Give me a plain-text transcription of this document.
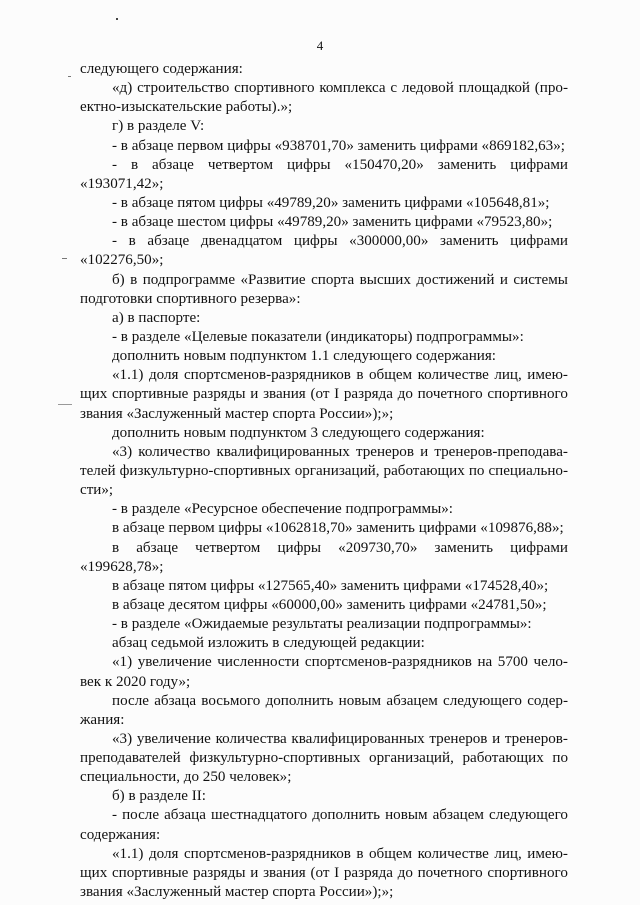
4
следующего содержания:
«д) строительство спортивного комплекса с ледовой площадкой (про-
ектно-изыскательские работы).»;
г) в разделе V:
- в абзаце первом цифры «938701,70» заменить цифрами «869182,63»;
- в абзаце четвертом цифры «150470,20» заменить цифрами
«193071,42»;
- в абзаце пятом цифры «49789,20» заменить цифрами «105648,81»;
- в абзаце шестом цифры «49789,20» заменить цифрами «79523,80»;
- в абзаце двенадцатом цифры «300000,00» заменить цифрами
«102276,50»;
б) в подпрограмме «Развитие спорта высших достижений и системы
подготовки спортивного резерва»:
а) в паспорте:
- в разделе «Целевые показатели (индикаторы) подпрограммы»:
дополнить новым подпунктом 1.1 следующего содержания:
«1.1) доля спортсменов-разрядников в общем количестве лиц, имею-
щих спортивные разряды и звания (от I разряда до почетного спортивного
звания «Заслуженный мастер спорта России»);»;
дополнить новым подпунктом 3 следующего содержания:
«3) количество квалифицированных тренеров и тренеров-преподава-
телей физкультурно-спортивных организаций, работающих по специально-
сти»;
- в разделе «Ресурсное обеспечение подпрограммы»:
в абзаце первом цифры «1062818,70» заменить цифрами «109876,88»;
в абзаце четвертом цифры «209730,70» заменить цифрами
«199628,78»;
в абзаце пятом цифры «127565,40» заменить цифрами «174528,40»;
в абзаце десятом цифры «60000,00» заменить цифрами «24781,50»;
- в разделе «Ожидаемые результаты реализации подпрограммы»:
абзац седьмой изложить в следующей редакции:
«1) увеличение численности спортсменов-разрядников на 5700 чело-
век к 2020 году»;
после абзаца восьмого дополнить новым абзацем следующего содер-
жания:
«3) увеличение количества квалифицированных тренеров и тренеров-
преподавателей физкультурно-спортивных организаций, работающих по
специальности, до 250 человек»;
б) в разделе II:
- после абзаца шестнадцатого дополнить новым абзацем следующего
содержания:
«1.1) доля спортсменов-разрядников в общем количестве лиц, имею-
щих спортивные разряды и звания (от I разряда до почетного спортивного
звания «Заслуженный мастер спорта России»);»;
